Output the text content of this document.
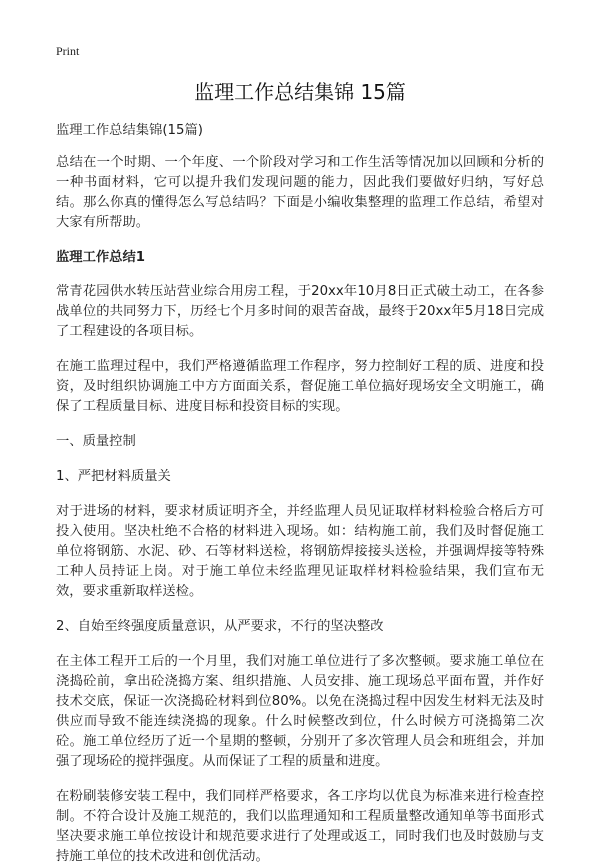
Print
监理工作总结集锦 15篇

监理工作总结集锦(15篇)

总结在一个时期、一个年度、一个阶段对学习和工作生活等情况加以回顾和分析的一种书面材料，它可以提升我们发现问题的能力，因此我们要做好归纳，写好总结。那么你真的懂得怎么写总结吗？下面是小编收集整理的监理工作总结，希望对大家有所帮助。

监理工作总结1

常青花园供水转压站营业综合用房工程，于20xx年10月8日正式破土动工，在各参战单位的共同努力下，历经七个月多时间的艰苦奋战，最终于20xx年5月18日完成了工程建设的各项目标。

在施工监理过程中，我们严格遵循监理工作程序，努力控制好工程的质、进度和投资，及时组织协调施工中方方面面关系，督促施工单位搞好现场安全文明施工，确保了工程质量目标、进度目标和投资目标的实现。

一、质量控制

1、严把材料质量关

对于进场的材料，要求材质证明齐全，并经监理人员见证取样材料检验合格后方可投入使用。坚决杜绝不合格的材料进入现场。如：结构施工前，我们及时督促施工单位将钢筋、水泥、砂、石等材料送检，将钢筋焊接接头送检，并强调焊接等特殊工种人员持证上岗。对于施工单位未经监理见证取样材料检验结果，我们宣布无效，要求重新取样送检。

2、自始至终强度质量意识，从严要求，不行的坚决整改

在主体工程开工后的一个月里，我们对施工单位进行了多次整顿。要求施工单位在浇捣砼前，拿出砼浇捣方案、组织措施、人员安排、施工现场总平面布置，并作好技术交底，保证一次浇捣砼材料到位80%。以免在浇捣过程中因发生材料无法及时供应而导致不能连续浇捣的现象。什么时候整改到位，什么时候方可浇捣第二次砼。施工单位经历了近一个星期的整顿，分别开了多次管理人员会和班组会，并加强了现场砼的搅拌强度。从而保证了工程的质量和进度。

在粉刷装修安装工程中，我们同样严格要求，各工序均以优良为标准来进行检查控制。不符合设计及施工规范的，我们以监理通知和工程质量整改通知单等书面形式坚决要求施工单位按设计和规范要求进行了处理或返工，同时我们也及时鼓励与支持施工单位的技术改进和创优活动。
